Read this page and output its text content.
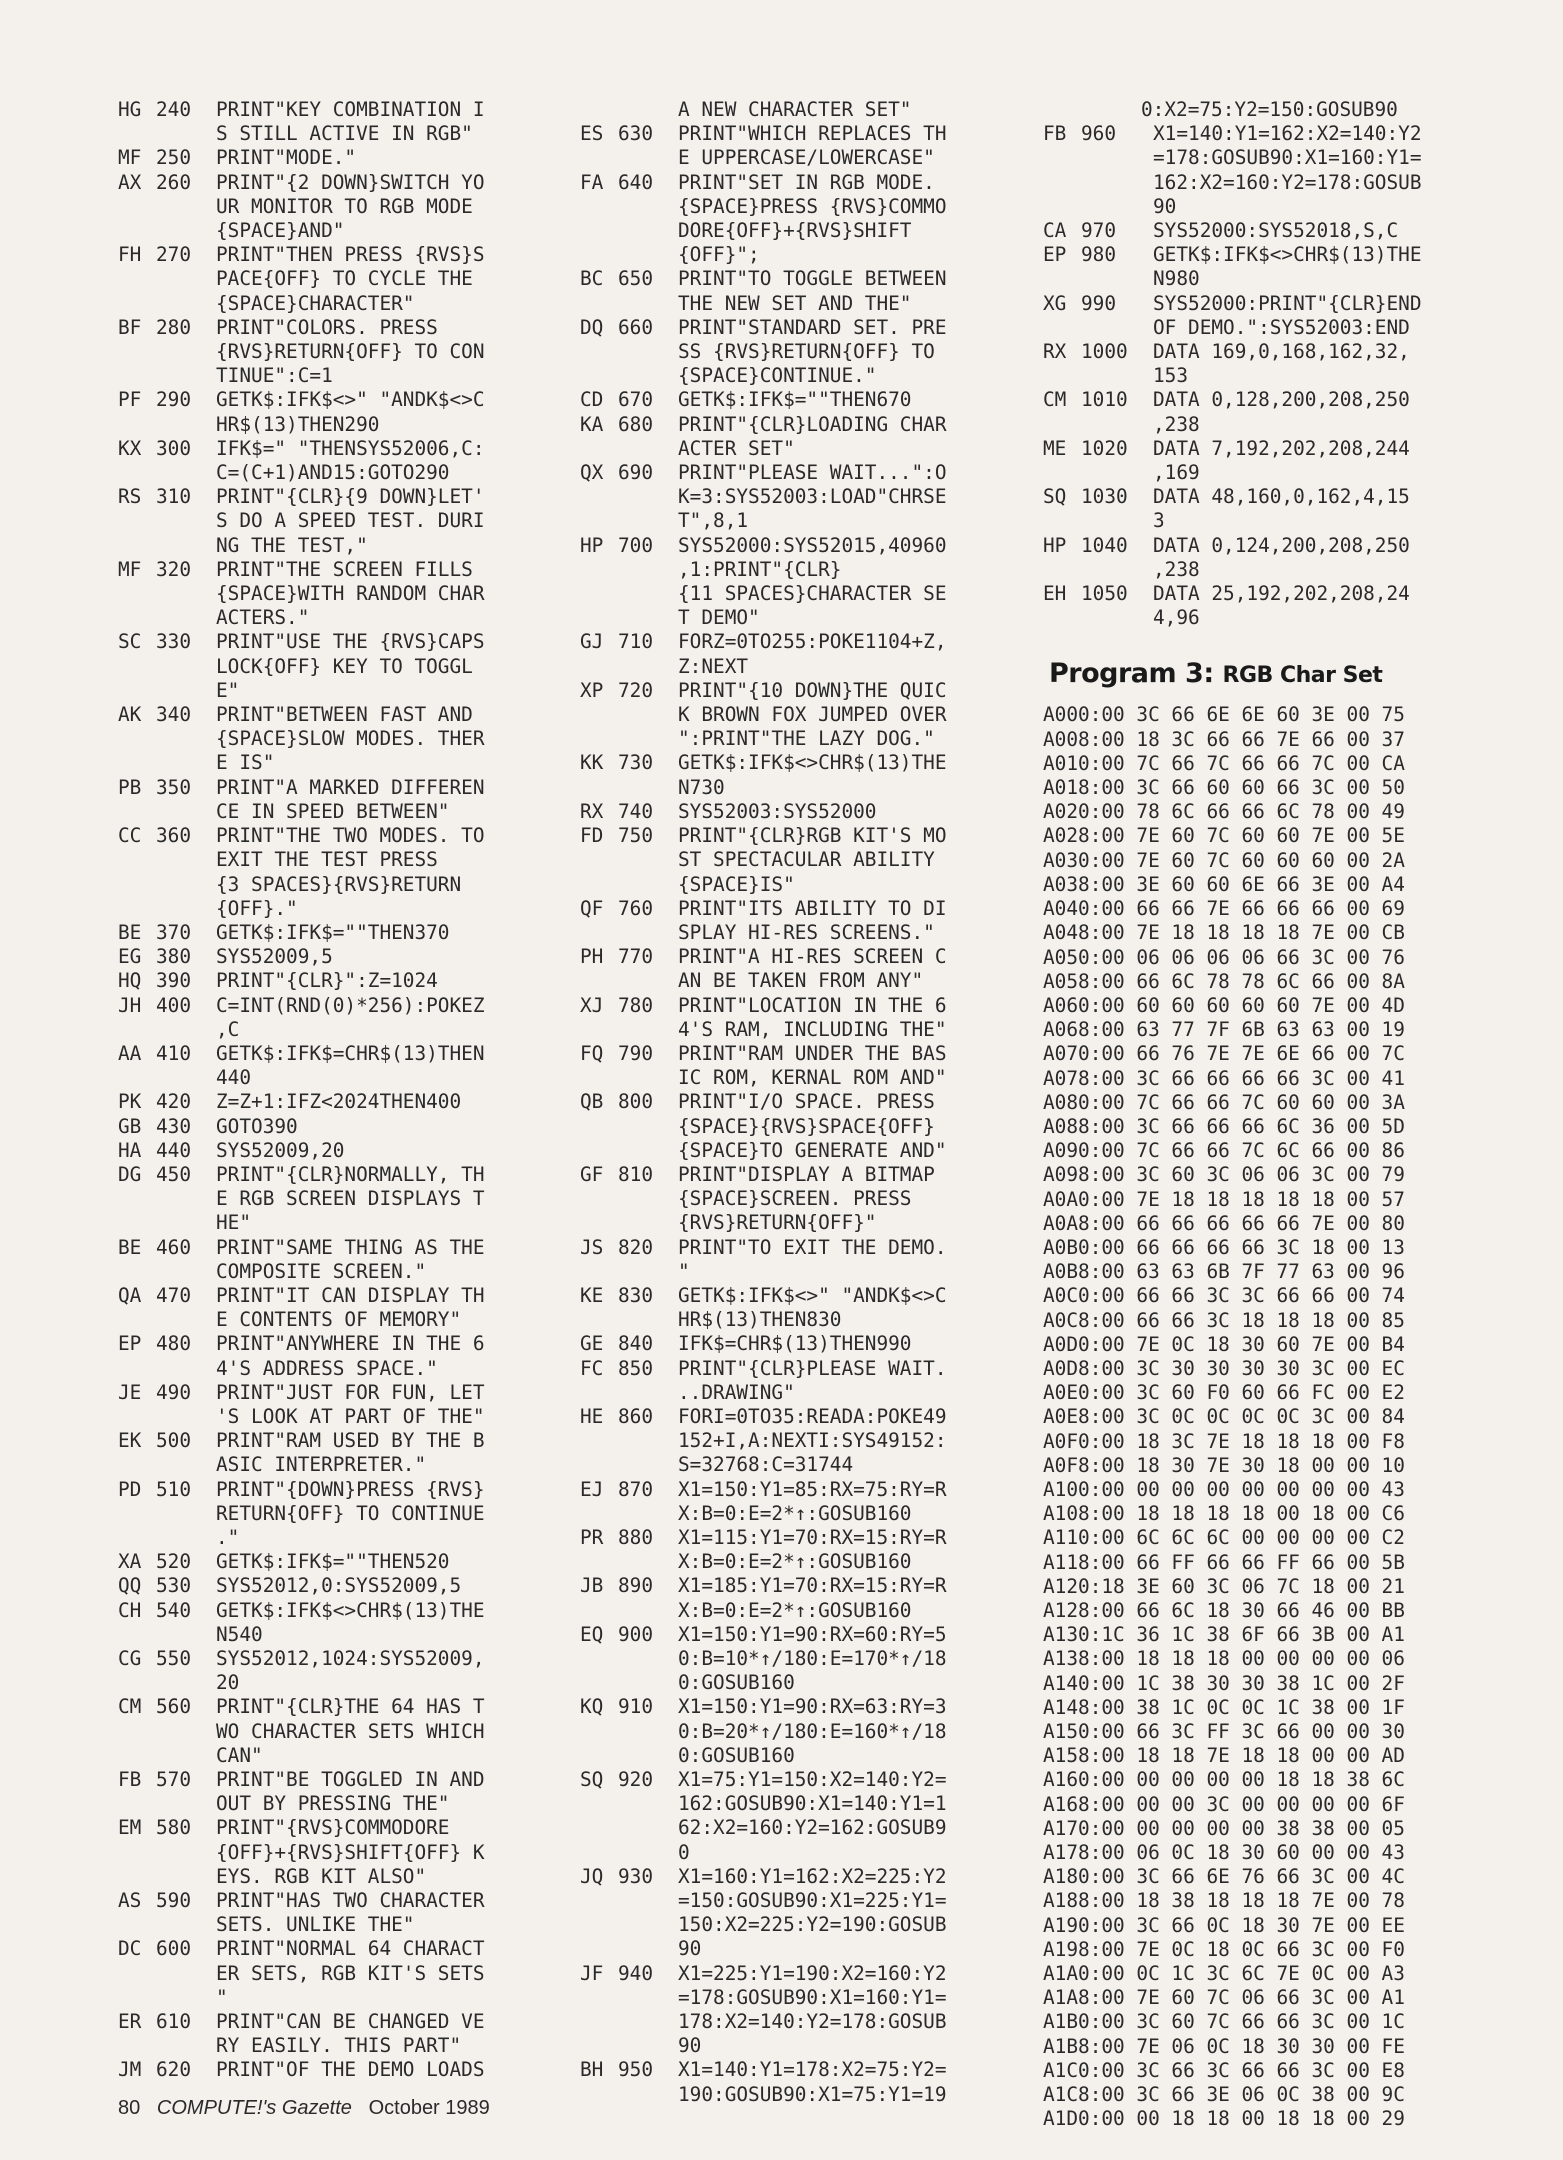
HG 240	PRINT"KEY COMBINATION I
S STILL ACTIVE IN RGB"
MF 250	PRINT"MODE."
AX 260	PRINT"{2 DOWN}SWITCH YO
UR MONITOR TO RGB MODE
{SPACE}AND"
FH 270	PRINT"THEN PRESS {RVS}S
PACE{OFF} TO CYCLE THE
{SPACE}CHARACTER"
BF 280	PRINT"COLORS. PRESS
{RVS}RETURN{OFF} TO CON
TINUE":C=1
PF 290	GETK$:IFK$<>" "ANDK$<>C
HR$(13)THEN290
KX 300	IFK$=" "THENSYS52006,C:
C=(C+1)AND15:GOTO290
RS 310	PRINT"{CLR}{9 DOWN}LET'
S DO A SPEED TEST. DURI
NG THE TEST,"
MF 320	PRINT"THE SCREEN FILLS
{SPACE}WITH RANDOM CHAR
ACTERS."
SC 330	PRINT"USE THE {RVS}CAPS
LOCK{OFF} KEY TO TOGGL
E"
AK 340	PRINT"BETWEEN FAST AND
{SPACE}SLOW MODES. THER
E IS"
PB 350	PRINT"A MARKED DIFFEREN
CE IN SPEED BETWEEN"
CC 360	PRINT"THE TWO MODES. TO
EXIT THE TEST PRESS
{3 SPACES}{RVS}RETURN
{OFF}."
BE 370	GETK$:IFK$=""THEN370
EG 380	SYS52009,5
HQ 390	PRINT"{CLR}":Z=1024
JH 400	C=INT(RND(0)*256):POKEZ
,C
AA 410	GETK$:IFK$=CHR$(13)THEN
440
PK 420	Z=Z+1:IFZ<2024THEN400
GB 430	GOTO390
HA 440	SYS52009,20
DG 450	PRINT"{CLR}NORMALLY, TH
E RGB SCREEN DISPLAYS T
HE"
BE 460	PRINT"SAME THING AS THE
COMPOSITE SCREEN."
QA 470	PRINT"IT CAN DISPLAY TH
E CONTENTS OF MEMORY"
EP 480	PRINT"ANYWHERE IN THE 6
4'S ADDRESS SPACE."
JE 490	PRINT"JUST FOR FUN, LET
'S LOOK AT PART OF THE"
EK 500	PRINT"RAM USED BY THE B
ASIC INTERPRETER."
PD 510	PRINT"{DOWN}PRESS {RVS}
RETURN{OFF} TO CONTINUE
."
XA 520	GETK$:IFK$=""THEN520
QQ 530	SYS52012,0:SYS52009,5
CH 540	GETK$:IFK$<>CHR$(13)THE
N540
CG 550	SYS52012,1024:SYS52009,
20
CM 560	PRINT"{CLR}THE 64 HAS T
WO CHARACTER SETS WHICH
CAN"
FB 570	PRINT"BE TOGGLED IN AND
OUT BY PRESSING THE"
EM 580	PRINT"{RVS}COMMODORE
{OFF}+{RVS}SHIFT{OFF} K
EYS. RGB KIT ALSO"
AS 590	PRINT"HAS TWO CHARACTER
SETS. UNLIKE THE"
DC 600	PRINT"NORMAL 64 CHARACT
ER SETS, RGB KIT'S SETS
"
ER 610	PRINT"CAN BE CHANGED VE
RY EASILY. THIS PART"
JM 620	PRINT"OF THE DEMO LOADS
A NEW CHARACTER SET"
ES 630	PRINT"WHICH REPLACES TH
E UPPERCASE/LOWERCASE"
FA 640	PRINT"SET IN RGB MODE.
{SPACE}PRESS {RVS}COMMO
DORE{OFF}+{RVS}SHIFT
{OFF}";
BC 650	PRINT"TO TOGGLE BETWEEN
THE NEW SET AND THE"
DQ 660	PRINT"STANDARD SET. PRE
SS {RVS}RETURN{OFF} TO
{SPACE}CONTINUE."
CD 670	GETK$:IFK$=""THEN670
KA 680	PRINT"{CLR}LOADING CHAR
ACTER SET"
QX 690	PRINT"PLEASE WAIT...":O
K=3:SYS52003:LOAD"CHRSE
T",8,1
HP 700	SYS52000:SYS52015,40960
,1:PRINT"{CLR}
{11 SPACES}CHARACTER SE
T DEMO"
GJ 710	FORZ=0TO255:POKE1104+Z,
Z:NEXT
XP 720	PRINT"{10 DOWN}THE QUIC
K BROWN FOX JUMPED OVER
":PRINT"THE LAZY DOG."
KK 730	GETK$:IFK$<>CHR$(13)THE
N730
RX 740	SYS52003:SYS52000
FD 750	PRINT"{CLR}RGB KIT'S MO
ST SPECTACULAR ABILITY
{SPACE}IS"
QF 760	PRINT"ITS ABILITY TO DI
SPLAY HI-RES SCREENS."
PH 770	PRINT"A HI-RES SCREEN C
AN BE TAKEN FROM ANY"
XJ 780	PRINT"LOCATION IN THE 6
4'S RAM, INCLUDING THE"
FQ 790	PRINT"RAM UNDER THE BAS
IC ROM, KERNAL ROM AND"
QB 800	PRINT"I/O SPACE. PRESS
{SPACE}{RVS}SPACE{OFF}
{SPACE}TO GENERATE AND"
GF 810	PRINT"DISPLAY A BITMAP
{SPACE}SCREEN. PRESS
{RVS}RETURN{OFF}"
JS 820	PRINT"TO EXIT THE DEMO.
"
KE 830	GETK$:IFK$<>" "ANDK$<>C
HR$(13)THEN830
GE 840	IFK$=CHR$(13)THEN990
FC 850	PRINT"{CLR}PLEASE WAIT.
..DRAWING"
HE 860	FORI=0TO35:READA:POKE49
152+I,A:NEXTI:SYS49152:
S=32768:C=31744
EJ 870	X1=150:Y1=85:RX=75:RY=R
X:B=0:E=2*↑:GOSUB160
PR 880	X1=115:Y1=70:RX=15:RY=R
X:B=0:E=2*↑:GOSUB160
JB 890	X1=185:Y1=70:RX=15:RY=R
X:B=0:E=2*↑:GOSUB160
EQ 900	X1=150:Y1=90:RX=60:RY=5
0:B=10*↑/180:E=170*↑/18
0:GOSUB160
KQ 910	X1=150:Y1=90:RX=63:RY=3
0:B=20*↑/180:E=160*↑/18
0:GOSUB160
SQ 920	X1=75:Y1=150:X2=140:Y2=
162:GOSUB90:X1=140:Y1=1
62:X2=160:Y2=162:GOSUB9
0
JQ 930	X1=160:Y1=162:X2=225:Y2
=150:GOSUB90:X1=225:Y1=
150:X2=225:Y2=190:GOSUB
90
JF 940	X1=225:Y1=190:X2=160:Y2
=178:GOSUB90:X1=160:Y1=
178:X2=140:Y2=178:GOSUB
90
BH 950	X1=140:Y1=178:X2=75:Y2=
190:GOSUB90:X1=75:Y1=19
0:X2=75:Y2=150:GOSUB90
FB 960	X1=140:Y1=162:X2=140:Y2
=178:GOSUB90:X1=160:Y1=
162:X2=160:Y2=178:GOSUB
90
CA 970	SYS52000:SYS52018,S,C
EP 980	GETK$:IFK$<>CHR$(13)THE
N980
XG 990	SYS52000:PRINT"{CLR}END
OF DEMO.":SYS52003:END
RX 1000	DATA 169,0,168,162,32,
153
CM 1010	DATA 0,128,200,208,250
,238
ME 1020	DATA 7,192,202,208,244
,169
SQ 1030	DATA 48,160,0,162,4,15
3
HP 1040	DATA 0,124,200,208,250
,238
EH 1050	DATA 25,192,202,208,24
4,96
Program 3: RGB Char Set
A000:00 3C 66 6E 6E 60 3E 00 75
A008:00 18 3C 66 66 7E 66 00 37
A010:00 7C 66 7C 66 66 7C 00 CA
A018:00 3C 66 60 60 66 3C 00 50
A020:00 78 6C 66 66 6C 78 00 49
A028:00 7E 60 7C 60 60 7E 00 5E
A030:00 7E 60 7C 60 60 60 00 2A
A038:00 3E 60 60 6E 66 3E 00 A4
A040:00 66 66 7E 66 66 66 00 69
A048:00 7E 18 18 18 18 7E 00 CB
A050:00 06 06 06 06 66 3C 00 76
A058:00 66 6C 78 78 6C 66 00 8A
A060:00 60 60 60 60 60 7E 00 4D
A068:00 63 77 7F 6B 63 63 00 19
A070:00 66 76 7E 7E 6E 66 00 7C
A078:00 3C 66 66 66 66 3C 00 41
A080:00 7C 66 66 7C 60 60 00 3A
A088:00 3C 66 66 66 6C 36 00 5D
A090:00 7C 66 66 7C 6C 66 00 86
A098:00 3C 60 3C 06 06 3C 00 79
A0A0:00 7E 18 18 18 18 18 00 57
A0A8:00 66 66 66 66 66 7E 00 80
A0B0:00 66 66 66 66 3C 18 00 13
A0B8:00 63 63 6B 7F 77 63 00 96
A0C0:00 66 66 3C 3C 66 66 00 74
A0C8:00 66 66 3C 18 18 18 00 85
A0D0:00 7E 0C 18 30 60 7E 00 B4
A0D8:00 3C 30 30 30 30 3C 00 EC
A0E0:00 3C 60 F0 60 66 FC 00 E2
A0E8:00 3C 0C 0C 0C 0C 3C 00 84
A0F0:00 18 3C 7E 18 18 18 00 F8
A0F8:00 18 30 7E 30 18 00 00 10
A100:00 00 00 00 00 00 00 00 43
A108:00 18 18 18 18 00 18 00 C6
A110:00 6C 6C 6C 00 00 00 00 C2
A118:00 66 FF 66 66 FF 66 00 5B
A120:18 3E 60 3C 06 7C 18 00 21
A128:00 66 6C 18 30 66 46 00 BB
A130:1C 36 1C 38 6F 66 3B 00 A1
A138:00 18 18 18 00 00 00 00 06
A140:00 1C 38 30 30 38 1C 00 2F
A148:00 38 1C 0C 0C 1C 38 00 1F
A150:00 66 3C FF 3C 66 00 00 30
A158:00 18 18 7E 18 18 00 00 AD
A160:00 00 00 00 00 18 18 38 6C
A168:00 00 00 3C 00 00 00 00 6F
A170:00 00 00 00 00 38 38 00 05
A178:00 06 0C 18 30 60 00 00 43
A180:00 3C 66 6E 76 66 3C 00 4C
A188:00 18 38 18 18 18 7E 00 78
A190:00 3C 66 0C 18 30 7E 00 EE
A198:00 7E 0C 18 0C 66 3C 00 F0
A1A0:00 0C 1C 3C 6C 7E 0C 00 A3
A1A8:00 7E 60 7C 06 66 3C 00 A1
A1B0:00 3C 60 7C 66 66 3C 00 1C
A1B8:00 7E 06 0C 18 30 30 00 FE
A1C0:00 3C 66 3C 66 66 3C 00 E8
A1C8:00 3C 66 3E 06 0C 38 00 9C
A1D0:00 00 18 18 00 18 18 00 29
80 COMPUTE!'s Gazette October 1989
